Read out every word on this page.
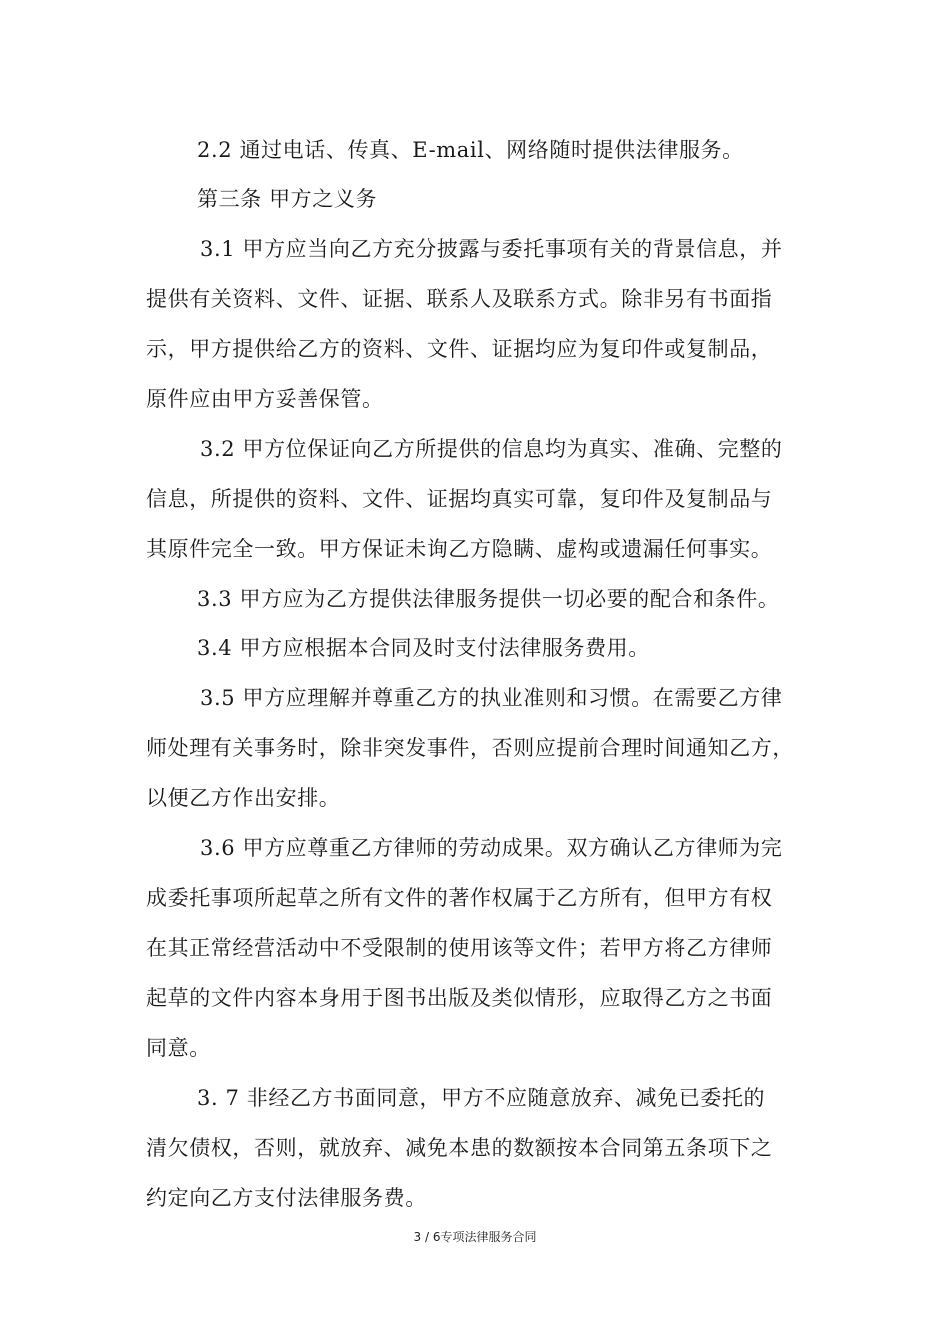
2.2 通过电话、传真、E-mail、网络随时提供法律服务。
第三条 甲方之义务
3.1 甲方应当向乙方充分披露与委托事项有关的背景信息，并
提供有关资料、文件、证据、联系人及联系方式。除非另有书面指
示，甲方提供给乙方的资料、文件、证据均应为复印件或复制品，
原件应由甲方妥善保管。
3.2 甲方位保证向乙方所提供的信息均为真实、准确、完整的
信息，所提供的资料、文件、证据均真实可靠，复印件及复制品与
其原件完全一致。甲方保证未询乙方隐瞒、虚构或遗漏任何事实。
3.3 甲方应为乙方提供法律服务提供一切必要的配合和条件。
3.4 甲方应根据本合同及时支付法律服务费用。
3.5 甲方应理解并尊重乙方的执业准则和习惯。在需要乙方律
师处理有关事务时，除非突发事件，否则应提前合理时间通知乙方，
以便乙方作出安排。
3.6 甲方应尊重乙方律师的劳动成果。双方确认乙方律师为完
成委托事项所起草之所有文件的著作权属于乙方所有，但甲方有权
在其正常经营活动中不受限制的使用该等文件；若甲方将乙方律师
起草的文件内容本身用于图书出版及类似情形，应取得乙方之书面
同意。
3. 7 非经乙方书面同意，甲方不应随意放弃、减免已委托的
清欠债权，否则，就放弃、减免本患的数额按本合同第五条项下之
约定向乙方支付法律服务费。
3 / 6专项法律服务合同
